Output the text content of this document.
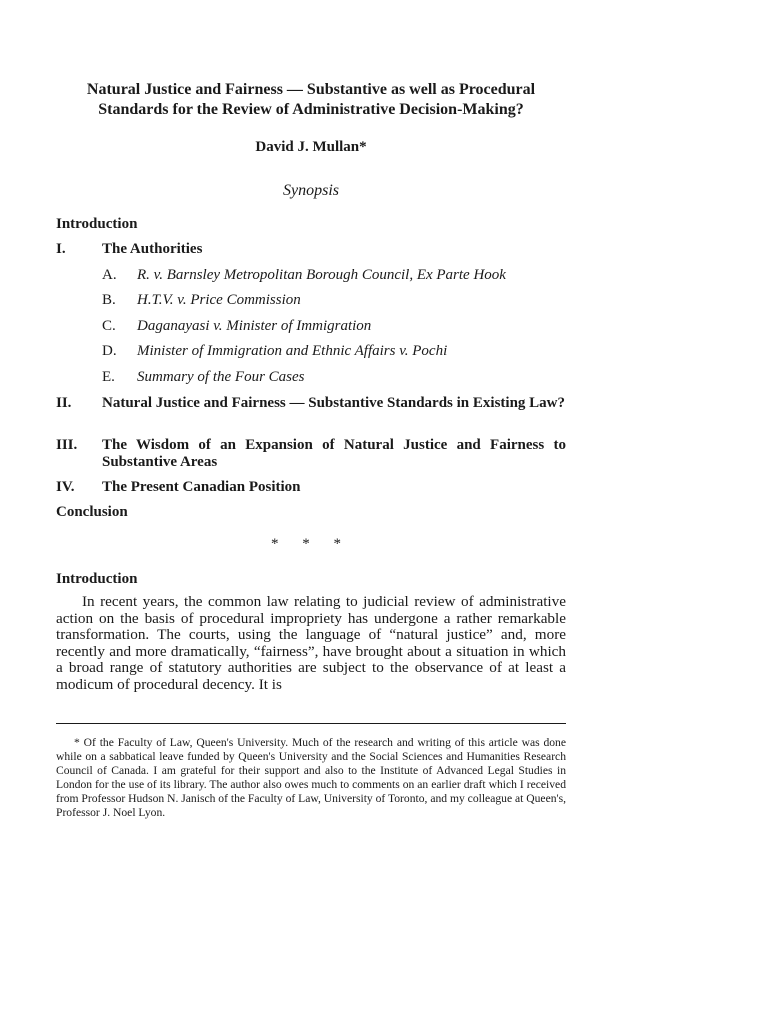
Natural Justice and Fairness — Substantive as well as Procedural
Standards for the Review of Administrative Decision-Making?
David J. Mullan*
Synopsis
Introduction
I. The Authorities
A. R. v. Barnsley Metropolitan Borough Council, Ex Parte Hook
B. H.T.V. v. Price Commission
C. Daganayasi v. Minister of Immigration
D. Minister of Immigration and Ethnic Affairs v. Pochi
E. Summary of the Four Cases
II. Natural Justice and Fairness — Substantive Standards in Existing Law?
III. The Wisdom of an Expansion of Natural Justice and Fairness to Substantive Areas
IV. The Present Canadian Position
Conclusion
* * *
Introduction
In recent years, the common law relating to judicial review of administrative action on the basis of procedural impropriety has undergone a rather remarkable transformation. The courts, using the language of “natural justice” and, more recently and more dramatically, “fairness”, have brought about a situation in which a broad range of statutory authorities are subject to the observance of at least a modicum of procedural decency. It is
* Of the Faculty of Law, Queen's University. Much of the research and writing of this article was done while on a sabbatical leave funded by Queen's University and the Social Sciences and Humanities Research Council of Canada. I am grateful for their support and also to the Institute of Advanced Legal Studies in London for the use of its library. The author also owes much to comments on an earlier draft which I received from Professor Hudson N. Janisch of the Faculty of Law, University of Toronto, and my colleague at Queen's, Professor J. Noel Lyon.
